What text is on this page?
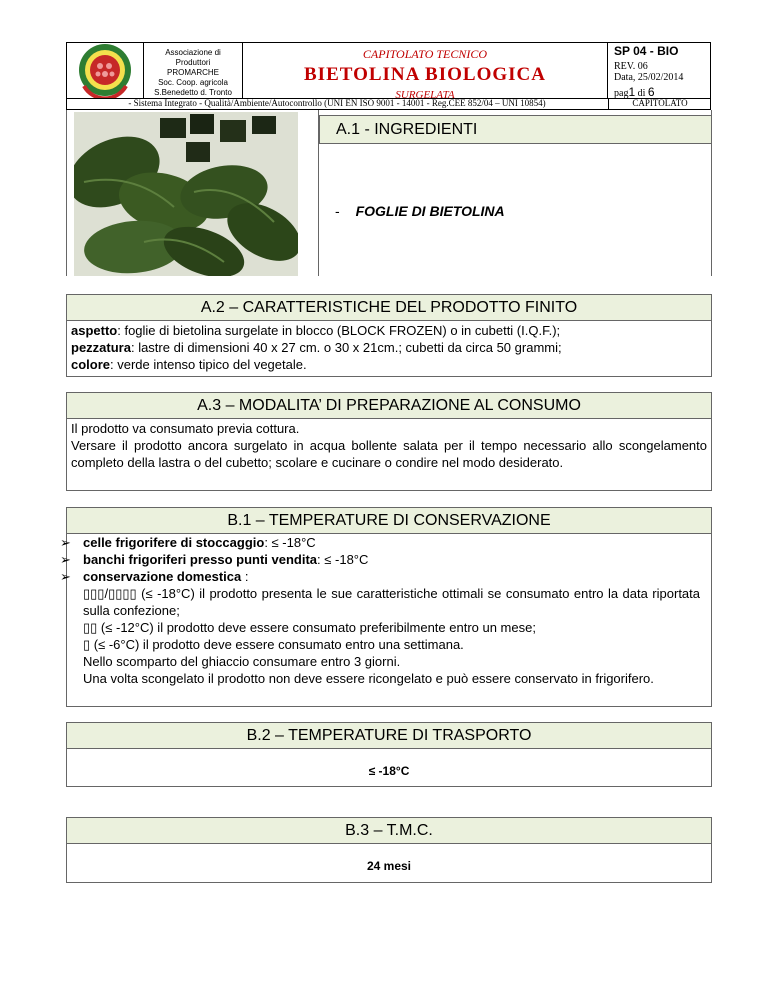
Associazione di
Produttori
PROMARCHE
Soc. Coop. agricola
S.Benedetto d. Tronto
CAPITOLATO TECNICO
BIETOLINA BIOLOGICA
SURGELATA
SP 04 - BIO
REV. 06
Data, 25/02/2014
pag1 di 6
- Sistema Integrato - Qualità/Ambiente/Autocontrollo (UNI EN ISO 9001 - 14001 - Reg.CEE 852/04 – UNI 10854)	CAPITOLATO
A.1 - INGREDIENTI
- FOGLIE DI BIETOLINA
A.2 – CARATTERISTICHE DEL PRODOTTO FINITO
aspetto: foglie di bietolina surgelate in blocco (BLOCK FROZEN) o in cubetti (I.Q.F.);
pezzatura: lastre di dimensioni 40 x 27 cm. o 30 x 21cm.; cubetti da circa 50 grammi;
colore: verde intenso tipico del vegetale.
A.3 – MODALITA’ DI PREPARAZIONE AL CONSUMO
Il prodotto va consumato previa cottura.
Versare il prodotto ancora surgelato in acqua bollente salata per il tempo necessario allo scongelamento completo della lastra o del cubetto; scolare e cucinare o condire nel modo desiderato.
B.1 – TEMPERATURE DI CONSERVAZIONE
➢ celle frigorifere di stoccaggio: ≤ -18°C
➢ banchi frigoriferi presso punti vendita: ≤ -18°C
➢ conservazione domestica :
▯▯▯/▯▯▯▯ (≤ -18°C) il prodotto presenta le sue caratteristiche ottimali se consumato entro la data riportata sulla confezione;
▯▯ (≤ -12°C) il prodotto deve essere consumato preferibilmente entro un mese;
▯ (≤ -6°C) il prodotto deve essere consumato entro una settimana.
Nello scomparto del ghiaccio consumare entro 3 giorni.
Una volta scongelato il prodotto non deve essere ricongelato e può essere conservato in frigorifero.
B.2 – TEMPERATURE DI TRASPORTO
≤ -18°C
B.3 – T.M.C.
24 mesi
